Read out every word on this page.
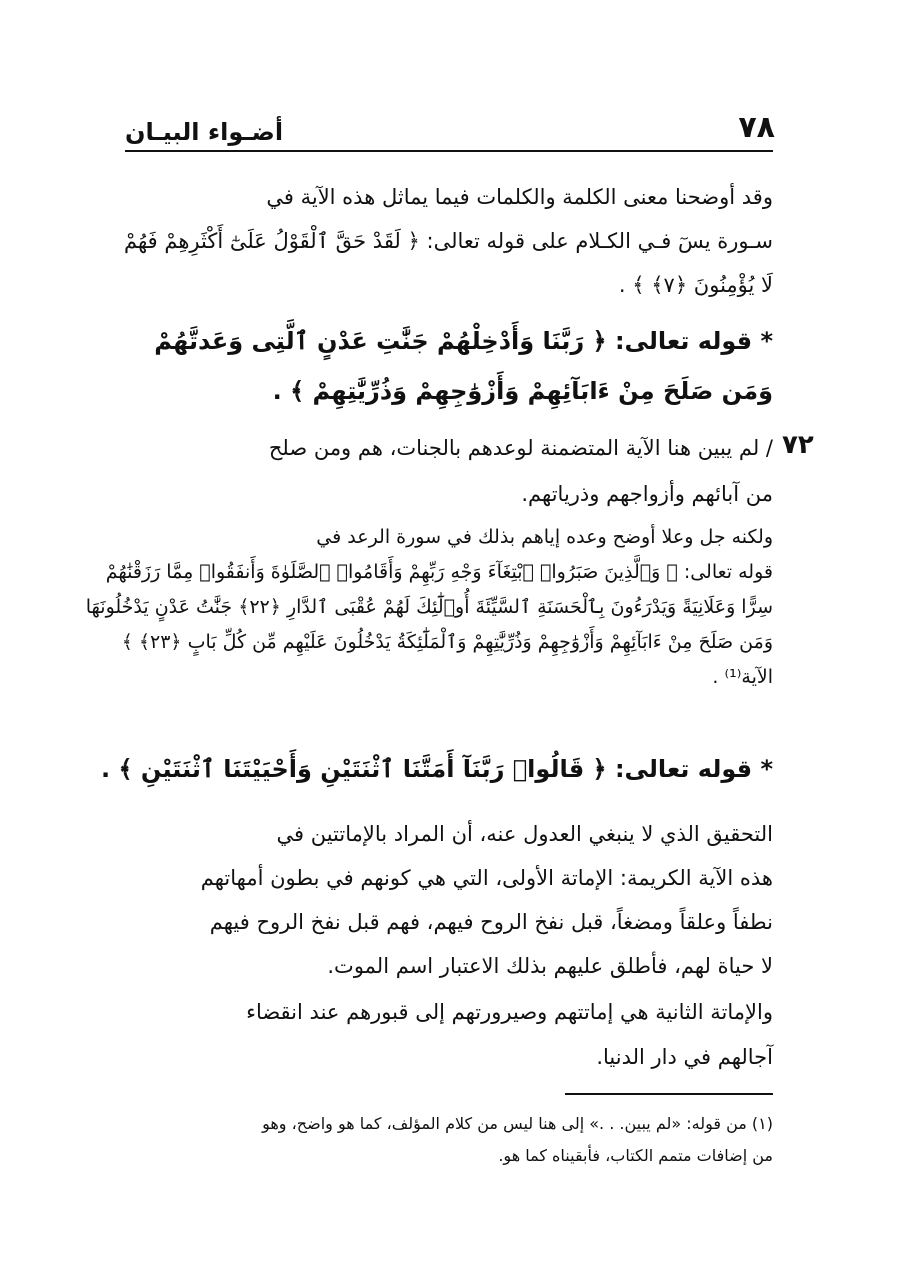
٧٨
أضـواء البيـان
وقد أوضحنا معنى الكلمة والكلمات فيما يماثل هذه الآية في
سـورة يسٓ فـي الكـلام على قوله تعالى: ﴿ لَقَدْ حَقَّ ٱلْقَوْلُ عَلَىٰٓ أَكْثَرِهِمْ فَهُمْ
لَا يُؤْمِنُونَ ﴿٧﴾ ﴾ .
* قوله تعالى: ﴿ رَبَّنَا وَأَدْخِلْهُمْ جَنَّٰتِ عَدْنٍ ٱلَّتِى وَعَدتَّهُمْ
وَمَن صَلَحَ مِنْ ءَابَآئِهِمْ وَأَزْوَٰجِهِمْ وَذُرِّيَّٰتِهِمْ ﴾ .
٧٢
/ لم يبين هنا الآية المتضمنة لوعدهم بالجنات، هم ومن صلح
من آبائهم وأزواجهم وذرياتهم.
ولكنه جل وعلا أوضح وعده إياهم بذلك في سورة الرعد في
قوله تعالى: ﴿ وَٱلَّذِينَ صَبَرُوا۟ ٱبْتِغَآءَ وَجْهِ رَبِّهِمْ وَأَقَامُوا۟ ٱلصَّلَوٰةَ وَأَنفَقُوا۟ مِمَّا رَزَقْنَٰهُمْ
سِرًّا وَعَلَانِيَةً وَيَدْرَءُونَ بِٱلْحَسَنَةِ ٱلسَّيِّئَةَ أُو۟لَٰٓئِكَ لَهُمْ عُقْبَى ٱلدَّارِ ﴿٢٢﴾ جَنَّٰتُ عَدْنٍ يَدْخُلُونَهَا
وَمَن صَلَحَ مِنْ ءَابَآئِهِمْ وَأَزْوَٰجِهِمْ وَذُرِّيَّٰتِهِمْ وَٱلْمَلَٰٓئِكَةُ يَدْخُلُونَ عَلَيْهِم مِّن كُلِّ بَابٍ ﴿٢٣﴾ ﴾
الآية⁽¹⁾ .
* قوله تعالى: ﴿ قَالُوا۟ رَبَّنَآ أَمَتَّنَا ٱثْنَتَيْنِ وَأَحْيَيْتَنَا ٱثْنَتَيْنِ ﴾ .
التحقيق الذي لا ينبغي العدول عنه، أن المراد بالإماتتين في
هذه الآية الكريمة: الإماتة الأولى، التي هي كونهم في بطون أمهاتهم
نطفاً وعلقاً ومضغاً، قبل نفخ الروح فيهم، فهم قبل نفخ الروح فيهم
لا حياة لهم، فأطلق عليهم بذلك الاعتبار اسم الموت.
والإماتة الثانية هي إماتتهم وصيرورتهم إلى قبورهم عند انقضاء
آجالهم في دار الدنيا.
(١) من قوله: «لم يبين. . .» إلى هنا ليس من كلام المؤلف، كما هو واضح، وهو
من إضافات متمم الكتاب، فأبقيناه كما هو.
